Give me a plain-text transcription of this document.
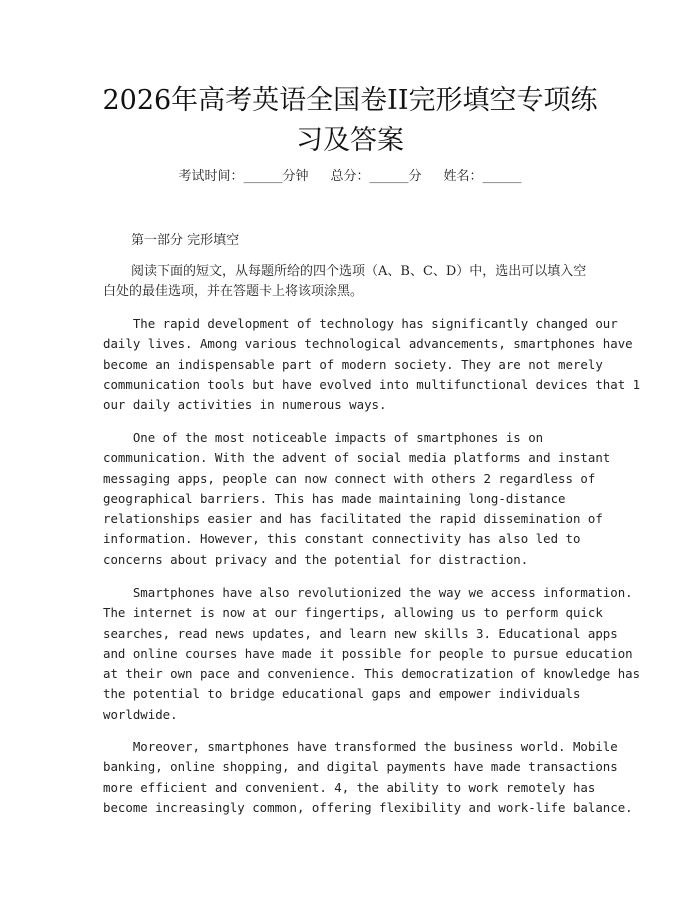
2026年高考英语全国卷II完形填空专项练
习及答案
考试时间：______分钟 总分：______分 姓名：______
第一部分 完形填空

阅读下面的短文，从每题所给的四个选项（A、B、C、D）中，选出可以填入空白处的最佳选项，并在答题卡上将该项涂黑。

The rapid development of technology has significantly changed our
daily lives. Among various technological advancements, smartphones have
become an indispensable part of modern society. They are not merely
communication tools but have evolved into multifunctional devices that 1
our daily activities in numerous ways.
One of the most noticeable impacts of smartphones is on
communication. With the advent of social media platforms and instant
messaging apps, people can now connect with others 2 regardless of
geographical barriers. This has made maintaining long-distance
relationships easier and has facilitated the rapid dissemination of
information. However, this constant connectivity has also led to
concerns about privacy and the potential for distraction.
Smartphones have also revolutionized the way we access information.
The internet is now at our fingertips, allowing us to perform quick
searches, read news updates, and learn new skills 3. Educational apps
and online courses have made it possible for people to pursue education
at their own pace and convenience. This democratization of knowledge has
the potential to bridge educational gaps and empower individuals
worldwide.
Moreover, smartphones have transformed the business world. Mobile
banking, online shopping, and digital payments have made transactions
more efficient and convenient. 4, the ability to work remotely has
become increasingly common, offering flexibility and work-life balance.
